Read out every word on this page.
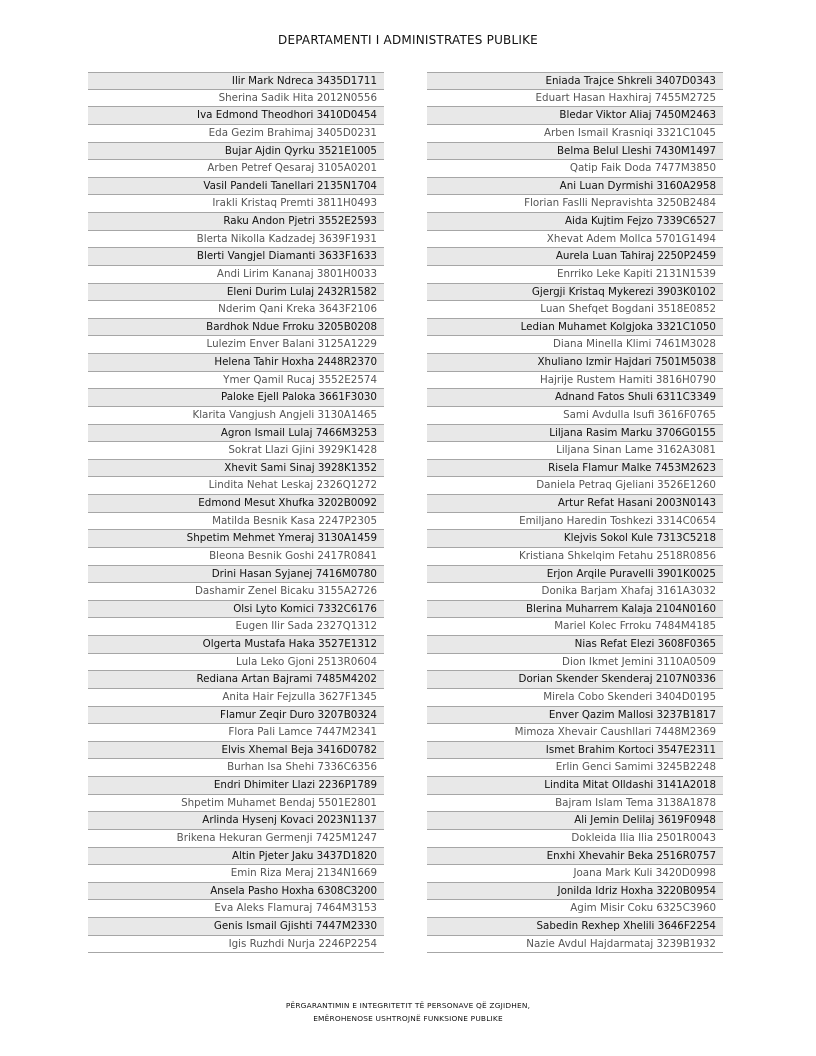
DEPARTAMENTI I ADMINISTRATES PUBLIKE
Ilir Mark Ndreca 3435D1711
Sherina Sadik Hita 2012N0556
Iva Edmond Theodhori 3410D0454
Eda Gezim Brahimaj 3405D0231
Bujar Ajdin Qyrku 3521E1005
Arben Petref Qesaraj 3105A0201
Vasil Pandeli Tanellari 2135N1704
Irakli Kristaq Premti 3811H0493
Raku Andon Pjetri 3552E2593
Blerta Nikolla Kadzadej 3639F1931
Blerti Vangjel Diamanti 3633F1633
Andi Lirim Kananaj 3801H0033
Eleni Durim Lulaj 2432R1582
Nderim Qani Kreka 3643F2106
Bardhok Ndue Frroku 3205B0208
Lulezim Enver Balani 3125A1229
Helena Tahir Hoxha 2448R2370
Ymer Qamil Rucaj 3552E2574
Paloke Ejell Paloka 3661F3030
Klarita Vangjush Angjeli 3130A1465
Agron Ismail Lulaj 7466M3253
Sokrat Llazi Gjini 3929K1428
Xhevit Sami Sinaj 3928K1352
Lindita Nehat Leskaj 2326Q1272
Edmond Mesut Xhufka 3202B0092
Matilda Besnik Kasa 2247P2305
Shpetim Mehmet Ymeraj 3130A1459
Bleona Besnik Goshi 2417R0841
Drini Hasan Syjanej 7416M0780
Dashamir Zenel Bicaku 3155A2726
Olsi Lyto Komici 7332C6176
Eugen Ilir Sada 2327Q1312
Olgerta Mustafa Haka 3527E1312
Lula Leko Gjoni 2513R0604
Rediana Artan Bajrami 7485M4202
Anita Hair Fejzulla 3627F1345
Flamur Zeqir Duro 3207B0324
Flora Pali Lamce 7447M2341
Elvis Xhemal Beja 3416D0782
Burhan Isa Shehi 7336C6356
Endri Dhimiter Llazi 2236P1789
Shpetim Muhamet Bendaj 5501E2801
Arlinda Hysenj Kovaci 2023N1137
Brikena Hekuran Germenji 7425M1247
Altin Pjeter Jaku 3437D1820
Emin Riza Meraj 2134N1669
Ansela Pasho Hoxha 6308C3200
Eva Aleks Flamuraj 7464M3153
Genis Ismail Gjishti 7447M2330
Igis Ruzhdi Nurja 2246P2254
Eniada Trajce Shkreli 3407D0343
Eduart Hasan Haxhiraj 7455M2725
Bledar Viktor Aliaj 7450M2463
Arben Ismail Krasniqi 3321C1045
Belma Belul Lleshi 7430M1497
Qatip Faik Doda 7477M3850
Ani Luan Dyrmishi 3160A2958
Florian Faslli Nepravishta 3250B2484
Aida Kujtim Fejzo 7339C6527
Xhevat Adem Mollca 5701G1494
Aurela Luan Tahiraj 2250P2459
Enrriko Leke Kapiti 2131N1539
Gjergji Kristaq Mykerezi 3903K0102
Luan Shefqet Bogdani 3518E0852
Ledian Muhamet Kolgjoka 3321C1050
Diana Minella Klimi 7461M3028
Xhuliano Izmir Hajdari 7501M5038
Hajrije Rustem Hamiti 3816H0790
Adnand Fatos Shuli 6311C3349
Sami Avdulla Isufi 3616F0765
Liljana Rasim Marku 3706G0155
Liljana Sinan Lame 3162A3081
Risela Flamur Malke 7453M2623
Daniela Petraq Gjeliani 3526E1260
Artur Refat Hasani 2003N0143
Emiljano Haredin Toshkezi 3314C0654
Klejvis Sokol Kule 7313C5218
Kristiana Shkelqim Fetahu 2518R0856
Erjon Arqile Puravelli 3901K0025
Donika Barjam Xhafaj 3161A3032
Blerina Muharrem Kalaja 2104N0160
Mariel Kolec Frroku 7484M4185
Nias Refat Elezi 3608F0365
Dion Ikmet Jemini 3110A0509
Dorian Skender Skenderaj 2107N0336
Mirela Cobo Skenderi 3404D0195
Enver Qazim Mallosi 3237B1817
Mimoza Xhevair Caushllari 7448M2369
Ismet Brahim Kortoci 3547E2311
Erlin Genci Samimi 3245B2248
Lindita Mitat Olldashi 3141A2018
Bajram Islam Tema 3138A1878
Ali Jemin Delilaj 3619F0948
Dokleida Ilia Ilia 2501R0043
Enxhi Xhevahir Beka 2516R0757
Joana Mark Kuli 3420D0998
Jonilda Idriz Hoxha 3220B0954
Agim Misir Coku 6325C3960
Sabedin Rexhep Xhelili 3646F2254
Nazie Avdul Hajdarmataj 3239B1932
PËRGARANTIMIN E INTEGRITETIT TË PERSONAVE QË ZGJIDHEN,
EMËROHENOSE USHTROJNË FUNKSIONE PUBLIKE
